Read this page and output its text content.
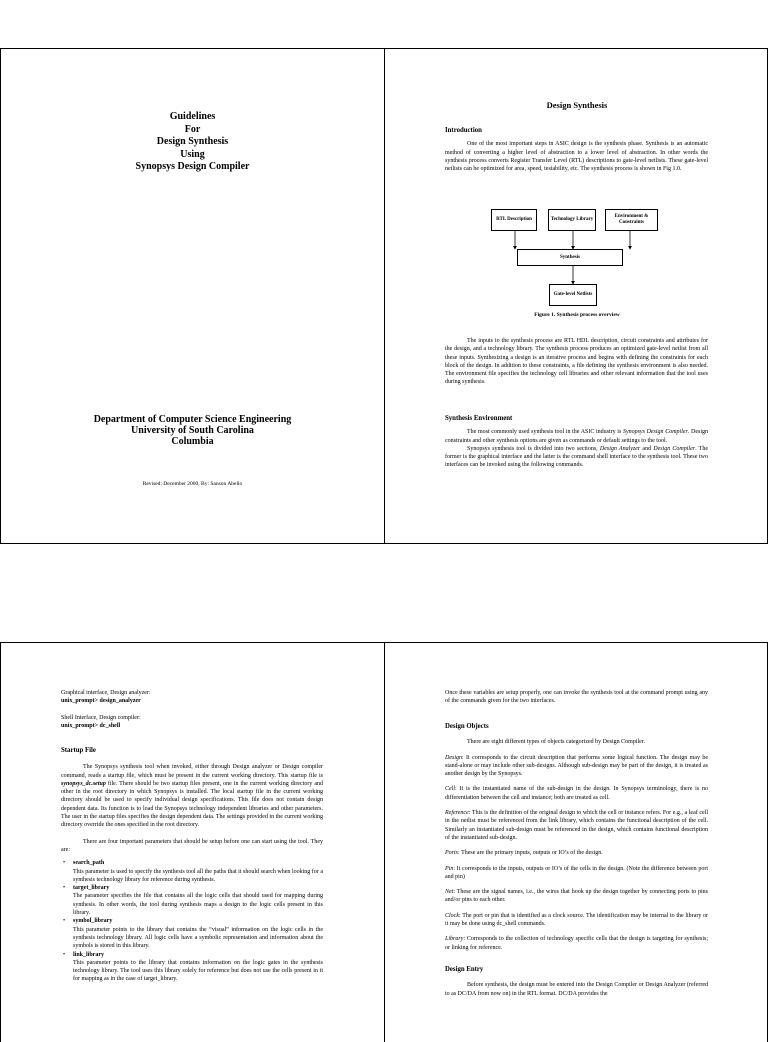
Guidelines
For
Design Synthesis
Using
Synopsys Design Compiler
Department of Computer Science Engineering
University of South Carolina
Columbia
Revised: December 2000, By: Sanson Abello
Design Synthesis
Introduction
One of the most important steps in ASIC design is the synthesis phase. Synthesis is an automatic method of converting a higher level of abstraction to a lower level of abstraction. In other words the synthesis process converts Register Transfer Level (RTL) descriptions to gate-level netlists. These gate-level netlists can be optimized for area, speed, testability, etc. The synthesis process is shown in Fig 1.0.
RTL Description	Technology Library
Environment & Constraints
Synthesis
Gate-level Netlists
Figure 1. Synthesis process overview
The inputs to the synthesis process are RTL HDL description, circuit constraints and attributes for the design, and a technology library. The synthesis process produces an optimized gate-level netlist from all these inputs. Synthesizing a design is an iterative process and begins with defining the constraints for each block of the design. In addition to these constraints, a file defining the synthesis environment is also needed. The environment file specifies the technology cell libraries and other relevant information that the tool uses during synthesis.
Synthesis Environment
The most commonly used synthesis tool in the ASIC industry is Synopsys Design Compiler. Design constraints and other synthesis options are given as commands or default settings to the tool.
Synopsys synthesis tool is divided into two sections, Design Analyzer and Design Compiler. The former is the graphical interface and the latter is the command shell interface to the synthesis tool. These two interfaces can be invoked using the following commands.
Graphical interface, Design analyzer:
unix_prompt> design_analyzer
Shell Interface, Design compiler:
unix_prompt> dc_shell
Startup File
The Synopsys synthesis tool when invoked, either through Design analyzer or Design compiler command, reads a startup file, which must be present in the current working directory. This startup file is synopsys_dc.setup file. There should be two startup files present, one in the current working directory and other in the root directory in which Synopsys is installed. The local startup file in the current working directory should be used to specify individual design specifications. This file does not contain design dependent data. Its function is to load the Synopsys technology independent libraries and other parameters. The user in the startup files specifies the design dependent data. The settings provided in the current working directory override the ones specified in the root directory.
There are four important parameters that should be setup before one can start using the tool. They are:
• search_path
This parameter is used to specify the synthesis tool all the paths that it should search when looking for a synthesis technology library for reference during synthesis.
• target_library
The parameter specifies the file that contains all the logic cells that should used for mapping during synthesis. In other words, the tool during synthesis maps a design to the logic cells present in this library.
• symbol_library
This parameter points to the library that contains the “visual” information on the logic cells in the synthesis technology library. All logic cells have a symbolic representation and information about the symbols is stored in this library.
• link_library
This parameter points to the library that contains information on the logic gates in the synthesis technology library. The tool uses this library solely for reference but does not use the cells present in it for mapping as in the case of target_library.
Once these variables are setup properly, one can invoke the synthesis tool at the command prompt using any of the commands given for the two interfaces.
Design Objects
There are eight different types of objects categorized by Design Compiler.
Design: It corresponds to the circuit description that performs some logical function. The design may be stand-alone or may include other sub-designs. Although sub-design may be part of the design, it is treated as another design by the Synopsys.
Cell: It is the instantiated name of the sub-design in the design. In Synopsys terminology, there is no differentiation between the cell and instance; both are treated as cell.
Reference: This is the definition of the original design to which the cell or instance refers. For e.g., a leaf cell in the netlist must be referenced from the link library, which contains the functional description of the cell. Similarly an instantiated sub-design must be referenced in the design, which contains functional description of the instantiated sub-design.
Ports: These are the primary inputs, outputs or IO’s of the design.
Pin: It corresponds to the inputs, outputs or IO’s of the cells in the design. (Note the difference between port and pin)
Net: These are the signal names, i.e., the wires that hook up the design together by connecting ports to pins and/or pins to each other.
Clock: The port or pin that is identified as a clock source. The identification may be internal to the library or it may be done using dc_shell commands.
Library: Corresponds to the collection of technology specific cells that the design is targeting for synthesis; or linking for reference.
Design Entry
Before synthesis, the design must be entered into the Design Compiler or Design Analyzer (referred to as DC/DA from now on) in the RTL format. DC/DA provides the
